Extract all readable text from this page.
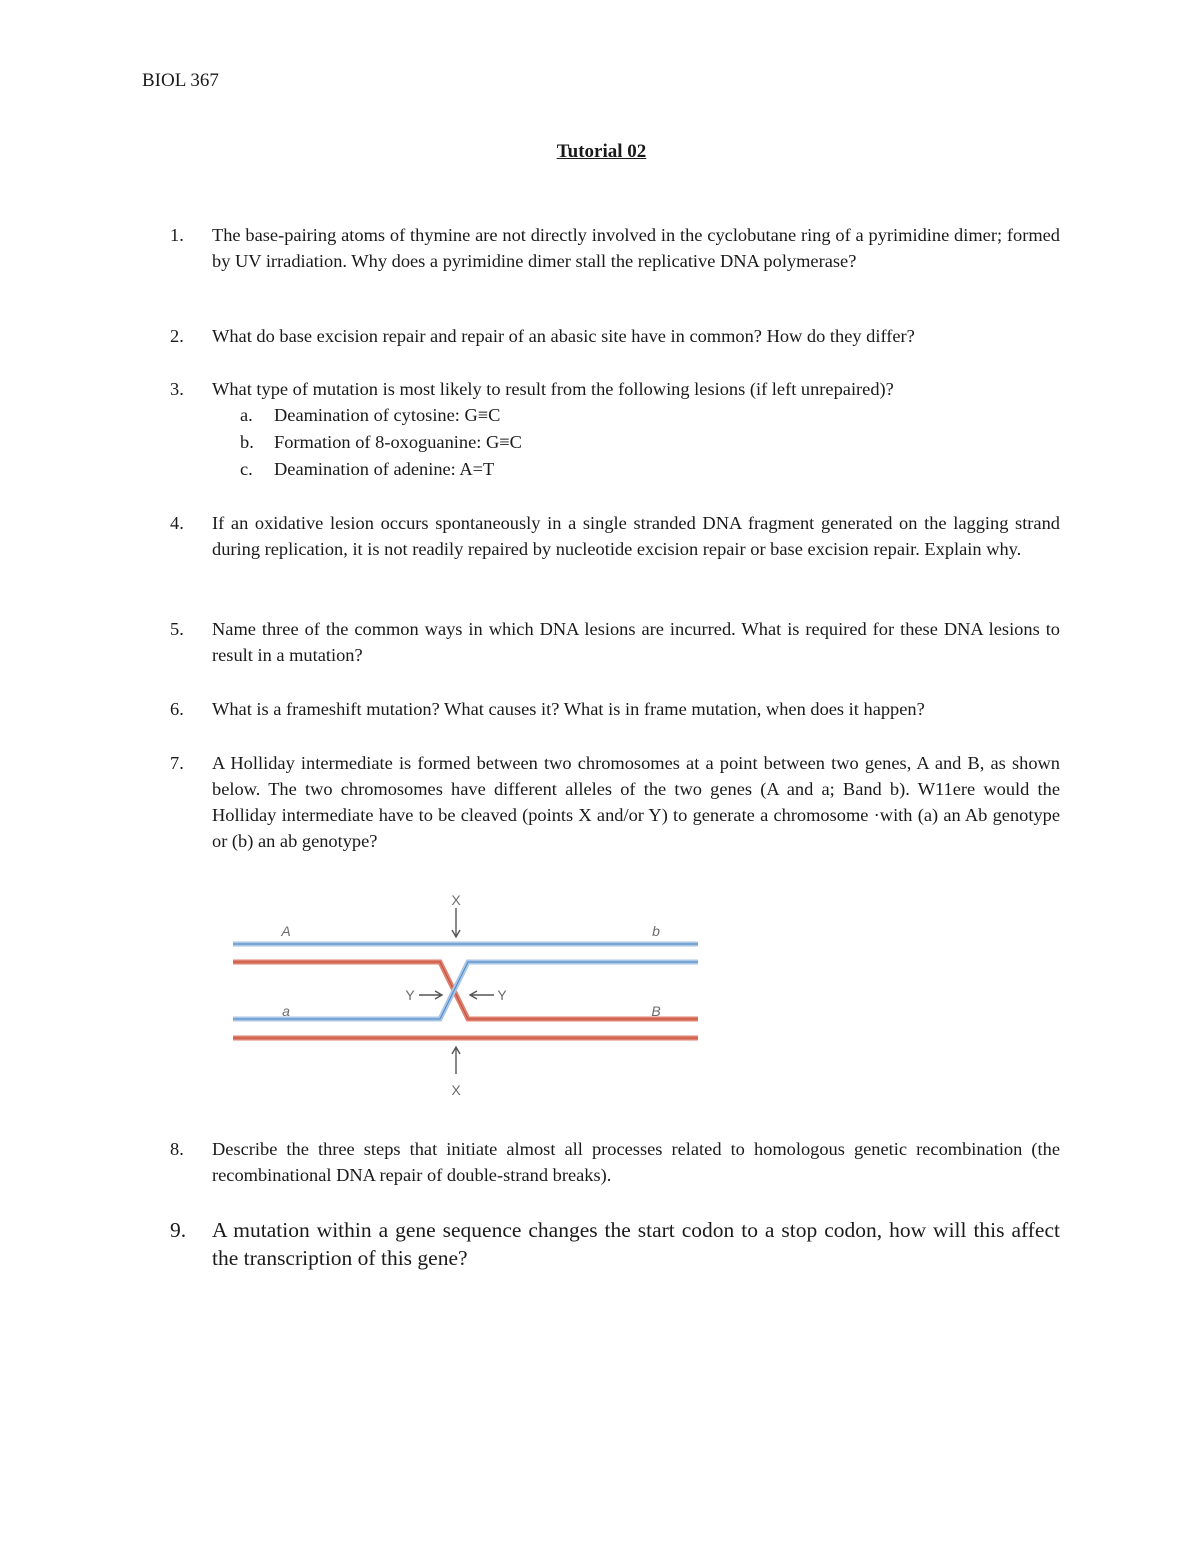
BIOL 367
Tutorial 02
1.	The base-pairing atoms of thymine are not directly involved in the cyclobutane ring of a pyrimidine dimer; formed by UV irradiation. Why does a pyrimidine dimer stall the replicative DNA polymerase?
2.	What do base excision repair and repair of an abasic site have in common? How do they differ?
3.	What type of mutation is most likely to result from the following lesions (if left unrepaired)?
a. Deamination of cytosine: G≡C
b. Formation of 8-oxoguanine: G≡C
c. Deamination of adenine: A=T
4.	If an oxidative lesion occurs spontaneously in a single stranded DNA fragment generated on the lagging strand during replication, it is not readily repaired by nucleotide excision repair or base excision repair. Explain why.
5.	Name three of the common ways in which DNA lesions are incurred. What is required for these DNA lesions to result in a mutation?
6.	What is a frameshift mutation? What causes it? What is in frame mutation, when does it happen?
7.	A Holliday intermediate is formed between two chromosomes at a point between two genes, A and B, as shown below. The two chromosomes have different alleles of the two genes (A and a; Band b). W11ere would the Holliday intermediate have to be cleaved (points X and/or Y) to generate a chromosome ·with (a) an Ab genotype or (b) an ab genotype?
X
X
Y	Y
A	b
a	B
8.	Describe the three steps that initiate almost all processes related to homologous genetic recombination (the recombinational DNA repair of double-strand breaks).
9.	A mutation within a gene sequence changes the start codon to a stop codon, how will this affect the transcription of this gene?
